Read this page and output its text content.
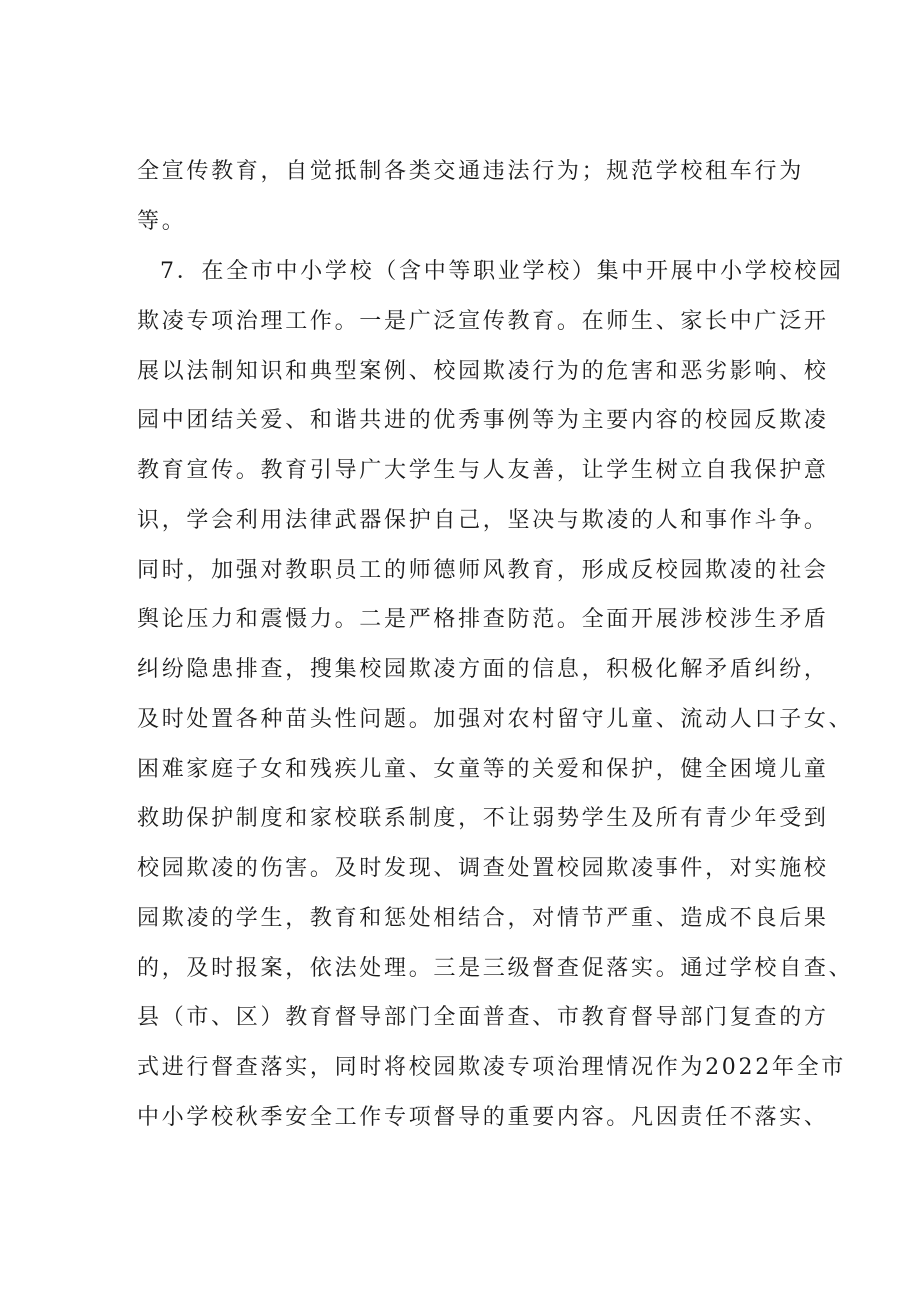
全宣传教育，自觉抵制各类交通违法行为；规范学校租车行为
等。
7．在全市中小学校（含中等职业学校）集中开展中小学校校园
欺凌专项治理工作。一是广泛宣传教育。在师生、家长中广泛开
展以法制知识和典型案例、校园欺凌行为的危害和恶劣影响、校
园中团结关爱、和谐共进的优秀事例等为主要内容的校园反欺凌
教育宣传。教育引导广大学生与人友善，让学生树立自我保护意
识，学会利用法律武器保护自己，坚决与欺凌的人和事作斗争。
同时，加强对教职员工的师德师风教育，形成反校园欺凌的社会
舆论压力和震慑力。二是严格排查防范。全面开展涉校涉生矛盾
纠纷隐患排查，搜集校园欺凌方面的信息，积极化解矛盾纠纷，
及时处置各种苗头性问题。加强对农村留守儿童、流动人口子女、
困难家庭子女和残疾儿童、女童等的关爱和保护，健全困境儿童
救助保护制度和家校联系制度，不让弱势学生及所有青少年受到
校园欺凌的伤害。及时发现、调查处置校园欺凌事件，对实施校
园欺凌的学生，教育和惩处相结合，对情节严重、造成不良后果
的，及时报案，依法处理。三是三级督查促落实。通过学校自查、
县（市、区）教育督导部门全面普查、市教育督导部门复查的方
式进行督查落实，同时将校园欺凌专项治理情况作为2022年全市
中小学校秋季安全工作专项督导的重要内容。凡因责任不落实、
